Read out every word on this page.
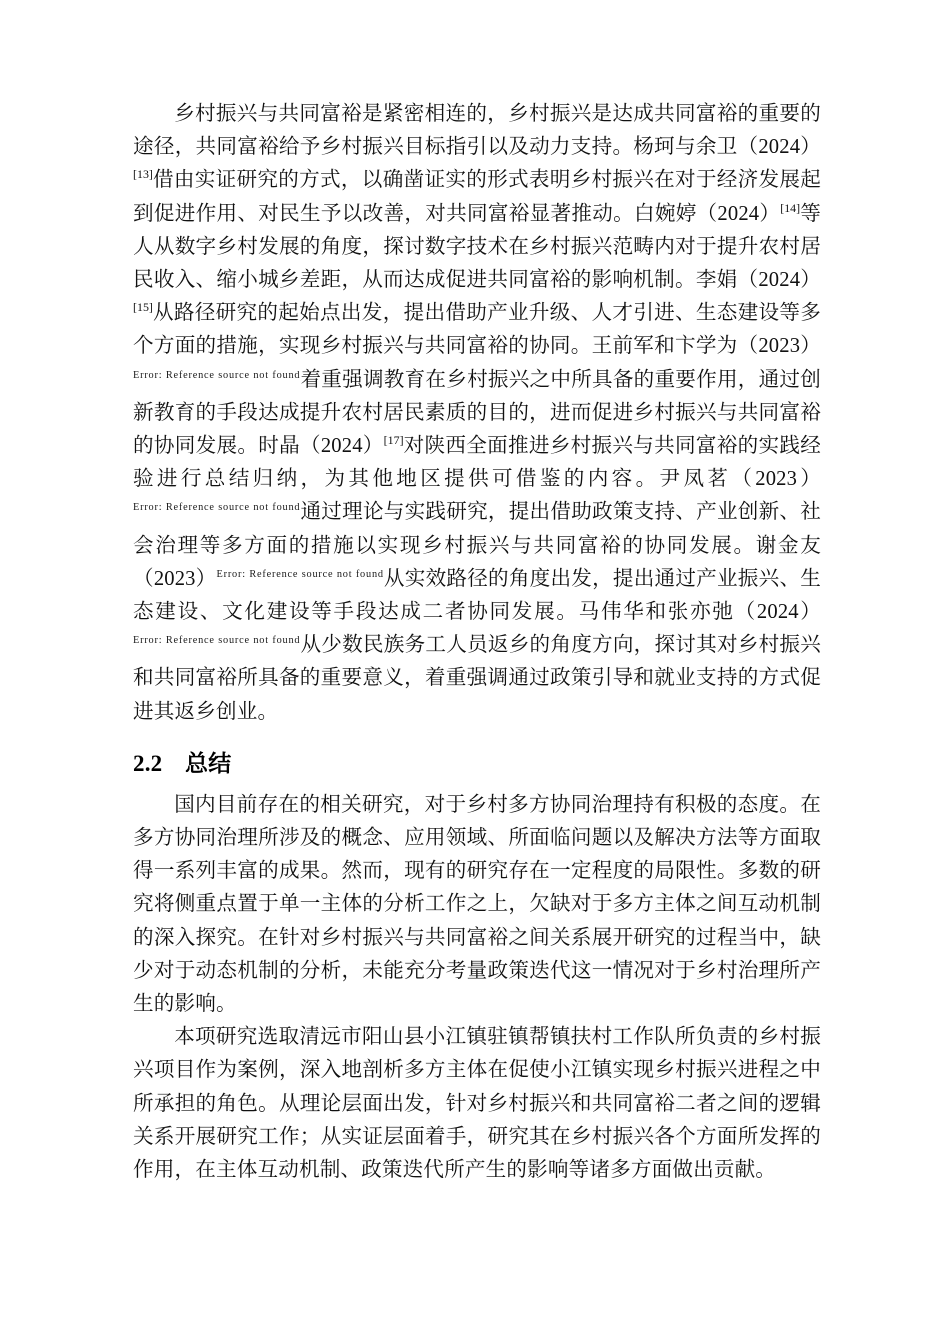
乡村振兴与共同富裕是紧密相连的，乡村振兴是达成共同富裕的重要的途径，共同富裕给予乡村振兴目标指引以及动力支持。杨珂与余卫（2024）[13]借由实证研究的方式，以确凿证实的形式表明乡村振兴在对于经济发展起到促进作用、对民生予以改善，对共同富裕显著推动。白婉婷（2024）[14]等人从数字乡村发展的角度，探讨数字技术在乡村振兴范畴内对于提升农村居民收入、缩小城乡差距，从而达成促进共同富裕的影响机制。李娟（2024）[15]从路径研究的起始点出发，提出借助产业升级、人才引进、生态建设等多个方面的措施，实现乡村振兴与共同富裕的协同。王前军和卞学为（2023）$^{Error: Reference source not found}$着重强调教育在乡村振兴之中所具备的重要作用，通过创新教育的手段达成提升农村居民素质的目的，进而促进乡村振兴与共同富裕的协同发展。时晶（2024）[17]对陕西全面推进乡村振兴与共同富裕的实践经验进行总结归纳，为其他地区提供可借鉴的内容。尹凤茗（2023）$^{Error: Reference source not found}$通过理论与实践研究，提出借助政策支持、产业创新、社会治理等多方面的措施以实现乡村振兴与共同富裕的协同发展。谢金友（2023）$^{Error: Reference source not found}$从实效路径的角度出发，提出通过产业振兴、生态建设、文化建设等手段达成二者协同发展。马伟华和张亦弛（2024）$^{Error: Reference source not found}$从少数民族务工人员返乡的角度方向，探讨其对乡村振兴和共同富裕所具备的重要意义，着重强调通过政策引导和就业支持的方式促进其返乡创业。

2.2 总结

国内目前存在的相关研究，对于乡村多方协同治理持有积极的态度。在多方协同治理所涉及的概念、应用领域、所面临问题以及解决方法等方面取得一系列丰富的成果。然而，现有的研究存在一定程度的局限性。多数的研究将侧重点置于单一主体的分析工作之上，欠缺对于多方主体之间互动机制的深入探究。在针对乡村振兴与共同富裕之间关系展开研究的过程当中，缺少对于动态机制的分析，未能充分考量政策迭代这一情况对于乡村治理所产生的影响。

本项研究选取清远市阳山县小江镇驻镇帮镇扶村工作队所负责的乡村振兴项目作为案例，深入地剖析多方主体在促使小江镇实现乡村振兴进程之中所承担的角色。从理论层面出发，针对乡村振兴和共同富裕二者之间的逻辑关系开展研究工作；从实证层面着手，研究其在乡村振兴各个方面所发挥的作用，在主体互动机制、政策迭代所产生的影响等诸多方面做出贡献。
